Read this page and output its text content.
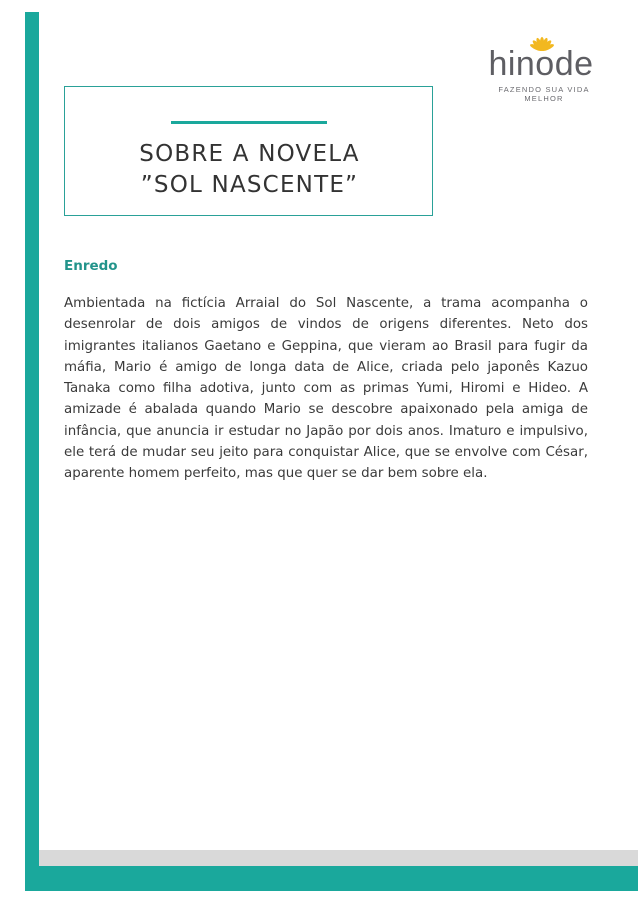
hinode
FAZENDO SUA VIDA MELHOR
SOBRE A NOVELA
”SOL NASCENTE”
Enredo

Ambientada na fictícia Arraial do Sol Nascente, a trama acompanha o desenrolar de dois amigos de vindos de origens diferentes. Neto dos imigrantes italianos Gaetano e Geppina, que vieram ao Brasil para fugir da máfia, Mario é amigo de longa data de Alice, criada pelo japonês Kazuo Tanaka como filha adotiva, junto com as primas Yumi, Hiromi e Hideo. A amizade é abalada quando Mario se descobre apaixonado pela amiga de infância, que anuncia ir estudar no Japão por dois anos. Imaturo e impulsivo, ele terá de mudar seu jeito para conquistar Alice, que se envolve com César, aparente homem perfeito, mas que quer se dar bem sobre ela.
